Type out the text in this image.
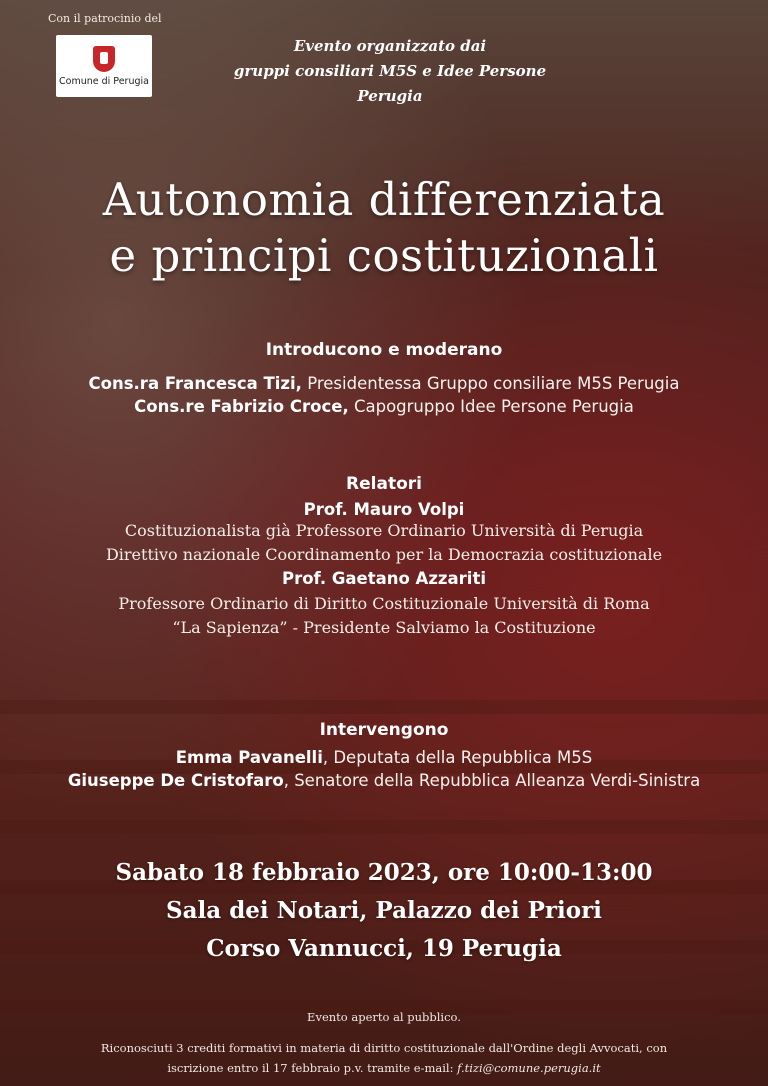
Con il patrocinio del
Comune di Perugia
Evento organizzato dai
gruppi consiliari M5S e Idee Persone
Perugia
Autonomia differenziata
e principi costituzionali
Introducono e moderano
Cons.ra Francesca Tizi, Presidentessa Gruppo consiliare M5S Perugia
Cons.re Fabrizio Croce, Capogruppo Idee Persone Perugia
Relatori
Prof. Mauro Volpi
Costituzionalista già Professore Ordinario Università di Perugia
Direttivo nazionale Coordinamento per la Democrazia costituzionale
Prof. Gaetano Azzariti
Professore Ordinario di Diritto Costituzionale Università di Roma
“La Sapienza” - Presidente Salviamo la Costituzione
Intervengono
Emma Pavanelli, Deputata della Repubblica M5S
Giuseppe De Cristofaro, Senatore della Repubblica Alleanza Verdi-Sinistra
Sabato 18 febbraio 2023, ore 10:00-13:00
Sala dei Notari, Palazzo dei Priori
Corso Vannucci, 19 Perugia
Evento aperto al pubblico.
Riconosciuti 3 crediti formativi in materia di diritto costituzionale dall'Ordine degli Avvocati, con
iscrizione entro il 17 febbraio p.v. tramite e-mail: f.tizi@comune.perugia.it
